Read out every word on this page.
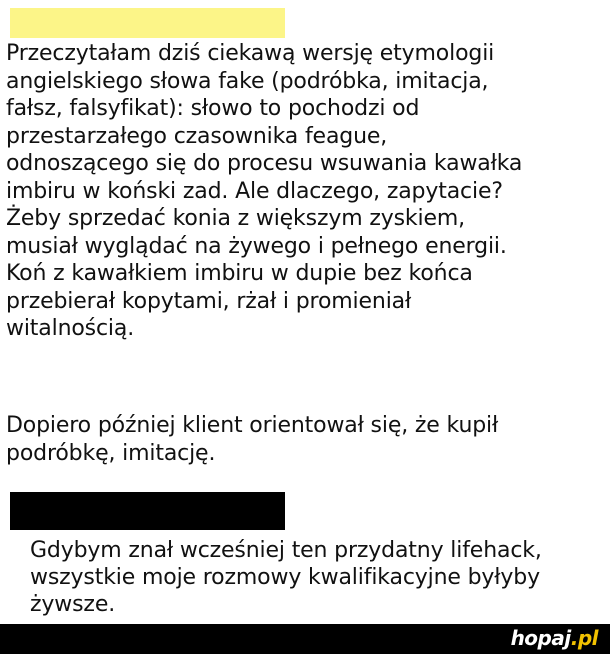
Przeczytałam dziś ciekawą wersję etymologii
angielskiego słowa fake (podróbka, imitacja,
fałsz, falsyfikat): słowo to pochodzi od
przestarzałego czasownika feague,
odnoszącego się do procesu wsuwania kawałka
imbiru w koński zad. Ale dlaczego, zapytacie?
Żeby sprzedać konia z większym zyskiem,
musiał wyglądać na żywego i pełnego energii.
Koń z kawałkiem imbiru w dupie bez końca
przebierał kopytami, rżał i promieniał
witalnością.

Dopiero później klient orientował się, że kupił
podróbkę, imitację.

Gdybym znał wcześniej ten przydatny lifehack,
wszystkie moje rozmowy kwalifikacyjne byłyby
żywsze.

hopaj.pl
